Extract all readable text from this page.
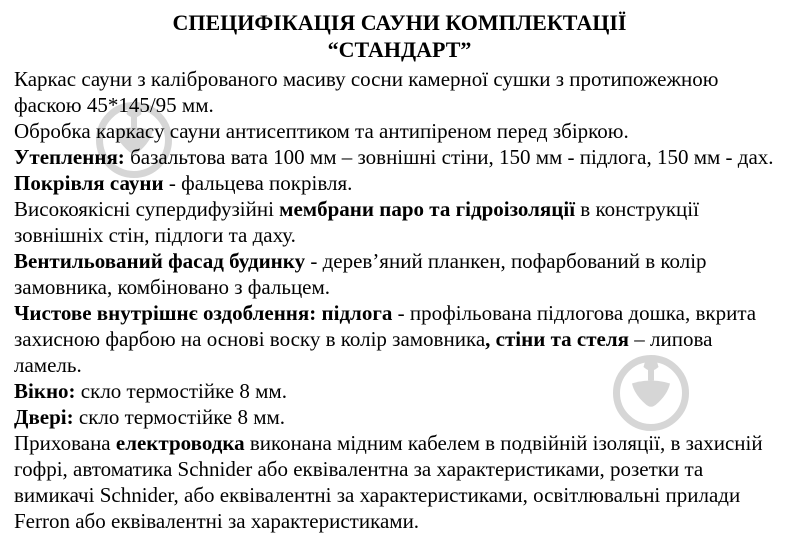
СПЕЦИФІКАЦІЯ САУНИ КОМПЛЕКТАЦІЇ
“СТАНДАРТ”

Каркас сауни з каліброваного масиву сосни камерної сушки з протипожежною фаскою 45*145/95 мм.

Обробка каркасу сауни антисептиком та антипіреном перед збіркою.

Утеплення: базальтова вата 100 мм – зовнішні стіни, 150 мм - підлога, 150 мм - дах.

Покрівля сауни - фальцева покрівля.

Високоякісні супердифузійні мембрани паро та гідроізоляції в конструкції зовнішніх стін, підлоги та даху.

Вентильований фасад будинку - дерев’яний планкен, пофарбований в колір замовника, комбіновано з фальцем.

Чистове внутрішнє оздоблення: підлога - профільована підлогова дошка, вкрита захисною фарбою на основі воску в колір замовника, стіни та стеля – липова ламель.

Вікно: скло термостійке 8 мм.

Двері: скло термостійке 8 мм.

Прихована електроводка виконана мідним кабелем в подвійній ізоляції, в захисній гофрі, автоматика Schnider або еквівалентна за характеристиками, розетки та вимикачі Schnider, або еквівалентні за характеристиками, освітлювальні прилади Ferron або еквівалентні за характеристиками.
